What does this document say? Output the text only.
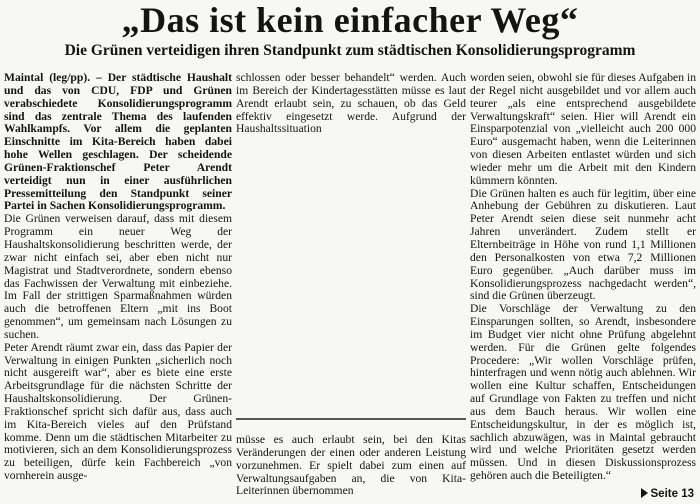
„Das ist kein einfacher Weg“
Die Grünen verteidigen ihren Standpunkt zum städtischen Konsolidierungsprogramm

Maintal (leg/pp). – Der städtische Haushalt und das von CDU, FDP und Grünen verabschiedete Konsolidierungsprogramm sind das zentrale Thema des laufenden Wahlkampfs. Vor allem die geplanten Einschnitte im Kita-Bereich haben dabei hohe Wellen geschlagen. Der scheidende Grünen-Fraktionschef Peter Arendt verteidigt nun in einer ausführlichen Pressemitteilung den Standpunkt seiner Partei in Sachen Konsolidierungsprogramm.

Die Grünen verweisen darauf, dass mit diesem Programm ein neuer Weg der Haushaltskonsolidierung beschritten werde, der zwar nicht einfach sei, aber eben nicht nur Magistrat und Stadtverordnete, sondern ebenso das Fachwissen der Verwaltung mit einbeziehe. Im Fall der strittigen Sparmaßnahmen würden auch die betroffenen Eltern „mit ins Boot genommen“, um gemeinsam nach Lösungen zu suchen.

Peter Arendt räumt zwar ein, dass das Papier der Verwaltung in einigen Punkten „sicherlich noch nicht ausgereift war“, aber es biete eine erste Arbeitsgrundlage für die nächsten Schritte der Haushaltskonsolidierung. Der Grünen-Fraktionschef spricht sich dafür aus, dass auch im Kita-Bereich vieles auf den Prüfstand komme. Denn um die städtischen Mitarbeiter zu motivieren, sich an dem Konsolidierungsprozess zu beteiligen, dürfe kein Fachbereich „von vornherein ausge-

schlossen oder besser behandelt“ werden. Auch im Bereich der Kindertagesstätten müsse es laut Arendt erlaubt sein, zu schauen, ob das Geld effektiv eingesetzt werde. Aufgrund der Haushaltssituation

müsse es auch erlaubt sein, bei den Kitas Veränderungen der einen oder anderen Leistung vorzunehmen. Er spielt dabei zum einen auf Verwaltungsaufgaben an, die von Kita-Leiterinnen übernommen

worden seien, obwohl sie für dieses Aufgaben in der Regel nicht ausgebildet und vor allem auch teurer „als eine entsprechend ausgebildete Verwaltungskraft“ seien. Hier will Arendt ein Einsparpotenzial von „vielleicht auch 200 000 Euro“ ausgemacht haben, wenn die Leiterinnen von diesen Arbeiten entlastet würden und sich wieder mehr um die Arbeit mit den Kindern kümmern könnten.

Die Grünen halten es auch für legitim, über eine Anhebung der Gebühren zu diskutieren. Laut Peter Arendt seien diese seit nunmehr acht Jahren unverändert. Zudem stellt er Elternbeiträge in Höhe von rund 1,1 Millionen den Personalkosten von etwa 7,2 Millionen Euro gegenüber. „Auch darüber muss im Konsolidierungsprozess nachgedacht werden“, sind die Grünen überzeugt.

Die Vorschläge der Verwaltung zu den Einsparungen sollten, so Arendt, insbesondere im Budget vier nicht ohne Prüfung abgelehnt werden. Für die Grünen gelte folgendes Procedere: „Wir wollen Vorschläge prüfen, hinterfragen und wenn nötig auch ablehnen. Wir wollen eine Kultur schaffen, Entscheidungen auf Grundlage von Fakten zu treffen und nicht aus dem Bauch heraus. Wir wollen eine Entscheidungskultur, in der es möglich ist, sachlich abzuwägen, was in Maintal gebraucht wird und welche Prioritäten gesetzt werden müssen. Und in diesen Diskussionsprozess gehören auch die Beteiligten.“

Seite 13
